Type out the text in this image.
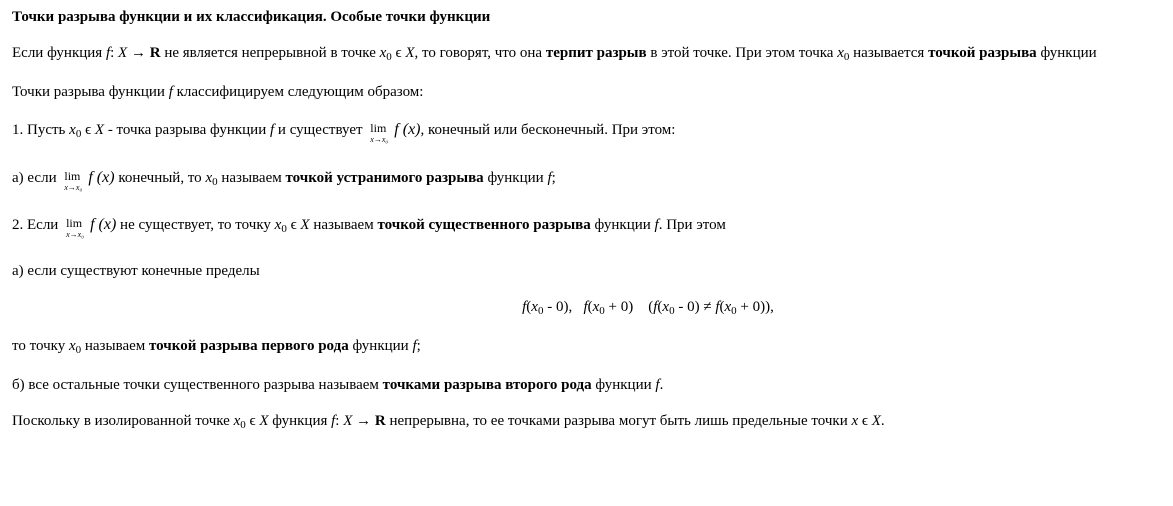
Точки разрыва функции и их классификация. Особые точки функции
Если функция f: X → R не является непрерывной в точке $x_0$ ϵ X, то говорят, что она терпит разрыв в этой точке. При этом точка $x_0$ называется точкой разрыва функции
Точки разрыва функции f классифицируем следующим образом:
1. Пусть $x_0$ ϵ X - точка разрыва функции f и существует lim
x→x₀
f (x), конечный или бесконечный. При этом:
а) если lim
x→x₀
f (x) конечный, то $x_0$ называем точкой устранимого разрыва функции f;
2. Если lim
x→x₀
f (x) не существует, то точку $x_0$ ϵ X называем точкой существенного разрыва функции f. При этом
а) если существуют конечные пределы
$f(x_0 - 0)$,   $f(x_0 + 0)$    $(f(x_0 - 0) \ne f(x_0 + 0))$,
то точку $x_0$ называем точкой разрыва первого рода функции f;
б) все остальные точки существенного разрыва называем точками разрыва второго рода функции f.
Поскольку в изолированной точке $x_0$ ϵ X функция f: X → R непрерывна, то ее точками разрыва могут быть лишь предельные точки x ϵ X.
